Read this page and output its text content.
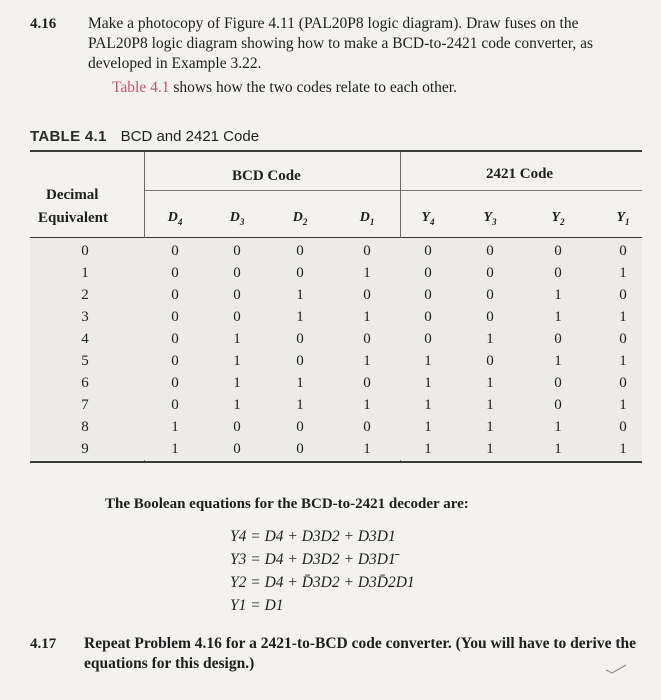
4.16 Make a photocopy of Figure 4.11 (PAL20P8 logic diagram). Draw fuses on the
PAL20P8 logic diagram showing how to make a BCD-to-2421 code converter, as
developed in Example 3.22.
Table 4.1 shows how the two codes relate to each other.
TABLE 4.1 BCD and 2421 Code
BCD Code	2421 Code
Decimal
Equivalent	$D_4$	$D_3$	$D_2$	$D_1$	$Y_4$	$Y_3$	$Y_2$	$Y_1$
0	0	0	0	0	0	0	0	0
1	0	0	0	1	0	0	0	1
2	0	0	1	0	0	0	1	0
3	0	0	1	1	0	0	1	1
4	0	1	0	0	0	1	0	0
5	0	1	0	1	1	0	1	1
6	0	1	1	0	1	1	0	0
7	0	1	1	1	1	1	0	1
8	1	0	0	0	1	1	1	0
9	1	0	0	1	1	1	1	1
The Boolean equations for the BCD-to-2421 decoder are:
Y4 = D4 + D3D2 + D3D1
Y3 = D4 + D3D2 + D3D1̄
Y2 = D4 + D̄3D2 + D3D̄2D1
Y1 = D1
4.17 Repeat Problem 4.16 for a 2421-to-BCD code converter. (You will have to derive the
equations for this design.)
